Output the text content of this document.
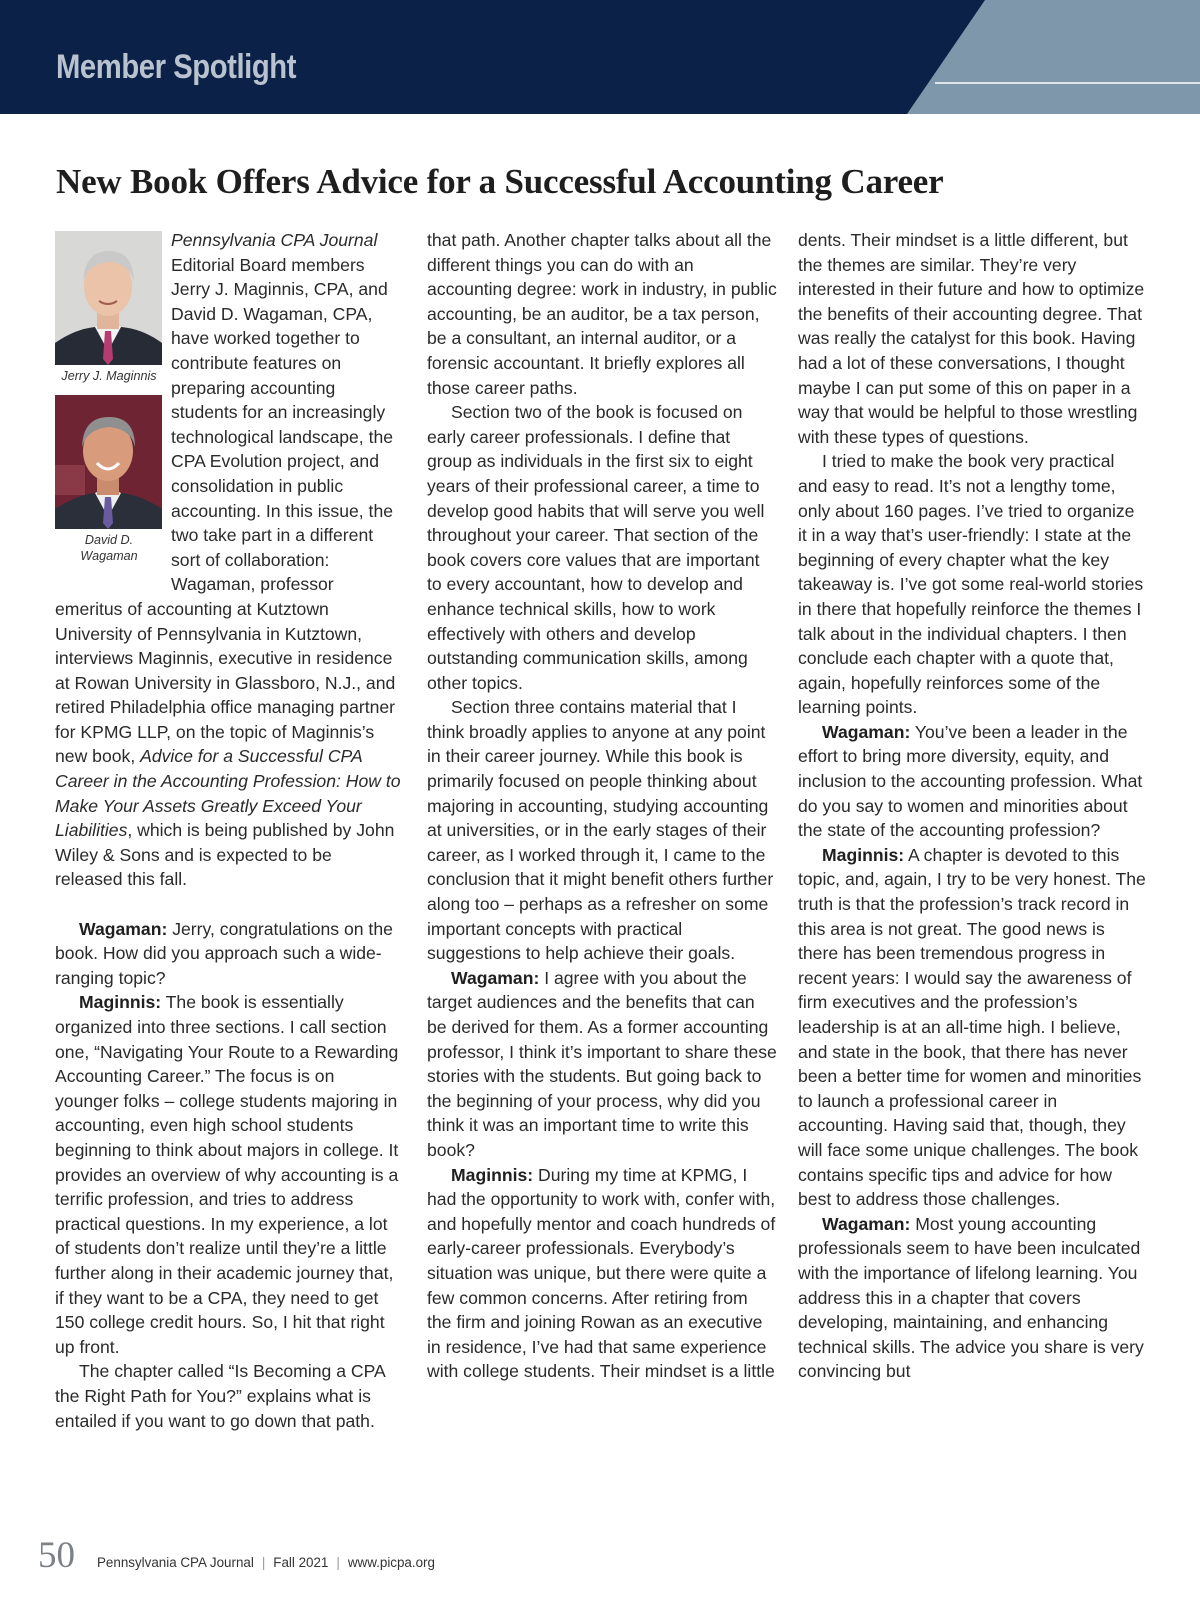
Member Spotlight
New Book Offers Advice for a Successful Accounting Career
Jerry J. Maginnis
David D. Wagaman

Pennsylvania CPA Journal Editorial Board members Jerry J. Maginnis, CPA, and David D. Wagaman, CPA, have worked together to contribute features on preparing accounting students for an increasingly technological landscape, the CPA Evolution project, and consolidation in public accounting. In this issue, the two take part in a different sort of collaboration: Wagaman, professor emeritus of accounting at Kutztown University of Pennsylvania in Kutztown, interviews Maginnis, executive in residence at Rowan University in Glassboro, N.J., and retired Philadelphia office managing partner for KPMG LLP, on the topic of Maginnis’s new book, Advice for a Successful CPA Career in the Accounting Profession: How to Make Your Assets Greatly Exceed Your Liabilities, which is being published by John Wiley & Sons and is expected to be released this fall.

Wagaman: Jerry, congratulations on the book. How did you approach such a wide-ranging topic?

Maginnis: The book is essentially organized into three sections. I call section one, “Navigating Your Route to a Rewarding Accounting Career.” The focus is on younger folks – college students majoring in accounting, even high school students beginning to think about majors in college. It provides an overview of why accounting is a terrific profession, and tries to address practical questions. In my experience, a lot of students don’t realize until they’re a little further along in their academic journey that, if they want to be a CPA, they need to get 150 college credit hours. So, I hit that right up front.

The chapter called “Is Becoming a CPA the Right Path for You?” explains what is entailed if you want to go down that path.

that path. Another chapter talks about all the different things you can do with an accounting degree: work in industry, in public accounting, be an auditor, be a tax person, be a consultant, an internal auditor, or a forensic accountant. It briefly explores all those career paths.

Section two of the book is focused on early career professionals. I define that group as individuals in the first six to eight years of their professional career, a time to develop good habits that will serve you well throughout your career. That section of the book covers core values that are important to every accountant, how to develop and enhance technical skills, how to work effectively with others and develop outstanding communication skills, among other topics.

Section three contains material that I think broadly applies to anyone at any point in their career journey. While this book is primarily focused on people thinking about majoring in accounting, studying accounting at universities, or in the early stages of their career, as I worked through it, I came to the conclusion that it might benefit others further along too – perhaps as a refresher on some important concepts with practical suggestions to help achieve their goals.

Wagaman: I agree with you about the target audiences and the benefits that can be derived for them. As a former accounting professor, I think it’s important to share these stories with the students. But going back to the beginning of your process, why did you think it was an important time to write this book?

Maginnis: During my time at KPMG, I had the opportunity to work with, confer with, and hopefully mentor and coach hundreds of early-career professionals. Everybody’s situation was unique, but there were quite a few common concerns. After retiring from the firm and joining Rowan as an executive in residence, I’ve had that same experience with college students. Their mindset is a little

dents. Their mindset is a little different, but the themes are similar. They’re very interested in their future and how to optimize the benefits of their accounting degree. That was really the catalyst for this book. Having had a lot of these conversations, I thought maybe I can put some of this on paper in a way that would be helpful to those wrestling with these types of questions.

I tried to make the book very practical and easy to read. It’s not a lengthy tome, only about 160 pages. I’ve tried to organize it in a way that’s user-friendly: I state at the beginning of every chapter what the key takeaway is. I’ve got some real-world stories in there that hopefully reinforce the themes I talk about in the individual chapters. I then conclude each chapter with a quote that, again, hopefully reinforces some of the learning points.

Wagaman: You’ve been a leader in the effort to bring more diversity, equity, and inclusion to the accounting profession. What do you say to women and minorities about the state of the accounting profession?

Maginnis: A chapter is devoted to this topic, and, again, I try to be very honest. The truth is that the profession’s track record in this area is not great. The good news is there has been tremendous progress in recent years: I would say the awareness of firm executives and the profession’s leadership is at an all-time high. I believe, and state in the book, that there has never been a better time for women and minorities to launch a professional career in accounting. Having said that, though, they will face some unique challenges. The book contains specific tips and advice for how best to address those challenges.

Wagaman: Most young accounting professionals seem to have been inculcated with the importance of lifelong learning. You address this in a chapter that covers developing, maintaining, and enhancing technical skills. The advice you share is very convincing but

50 Pennsylvania CPA Journal | Fall 2021 | www.picpa.org
